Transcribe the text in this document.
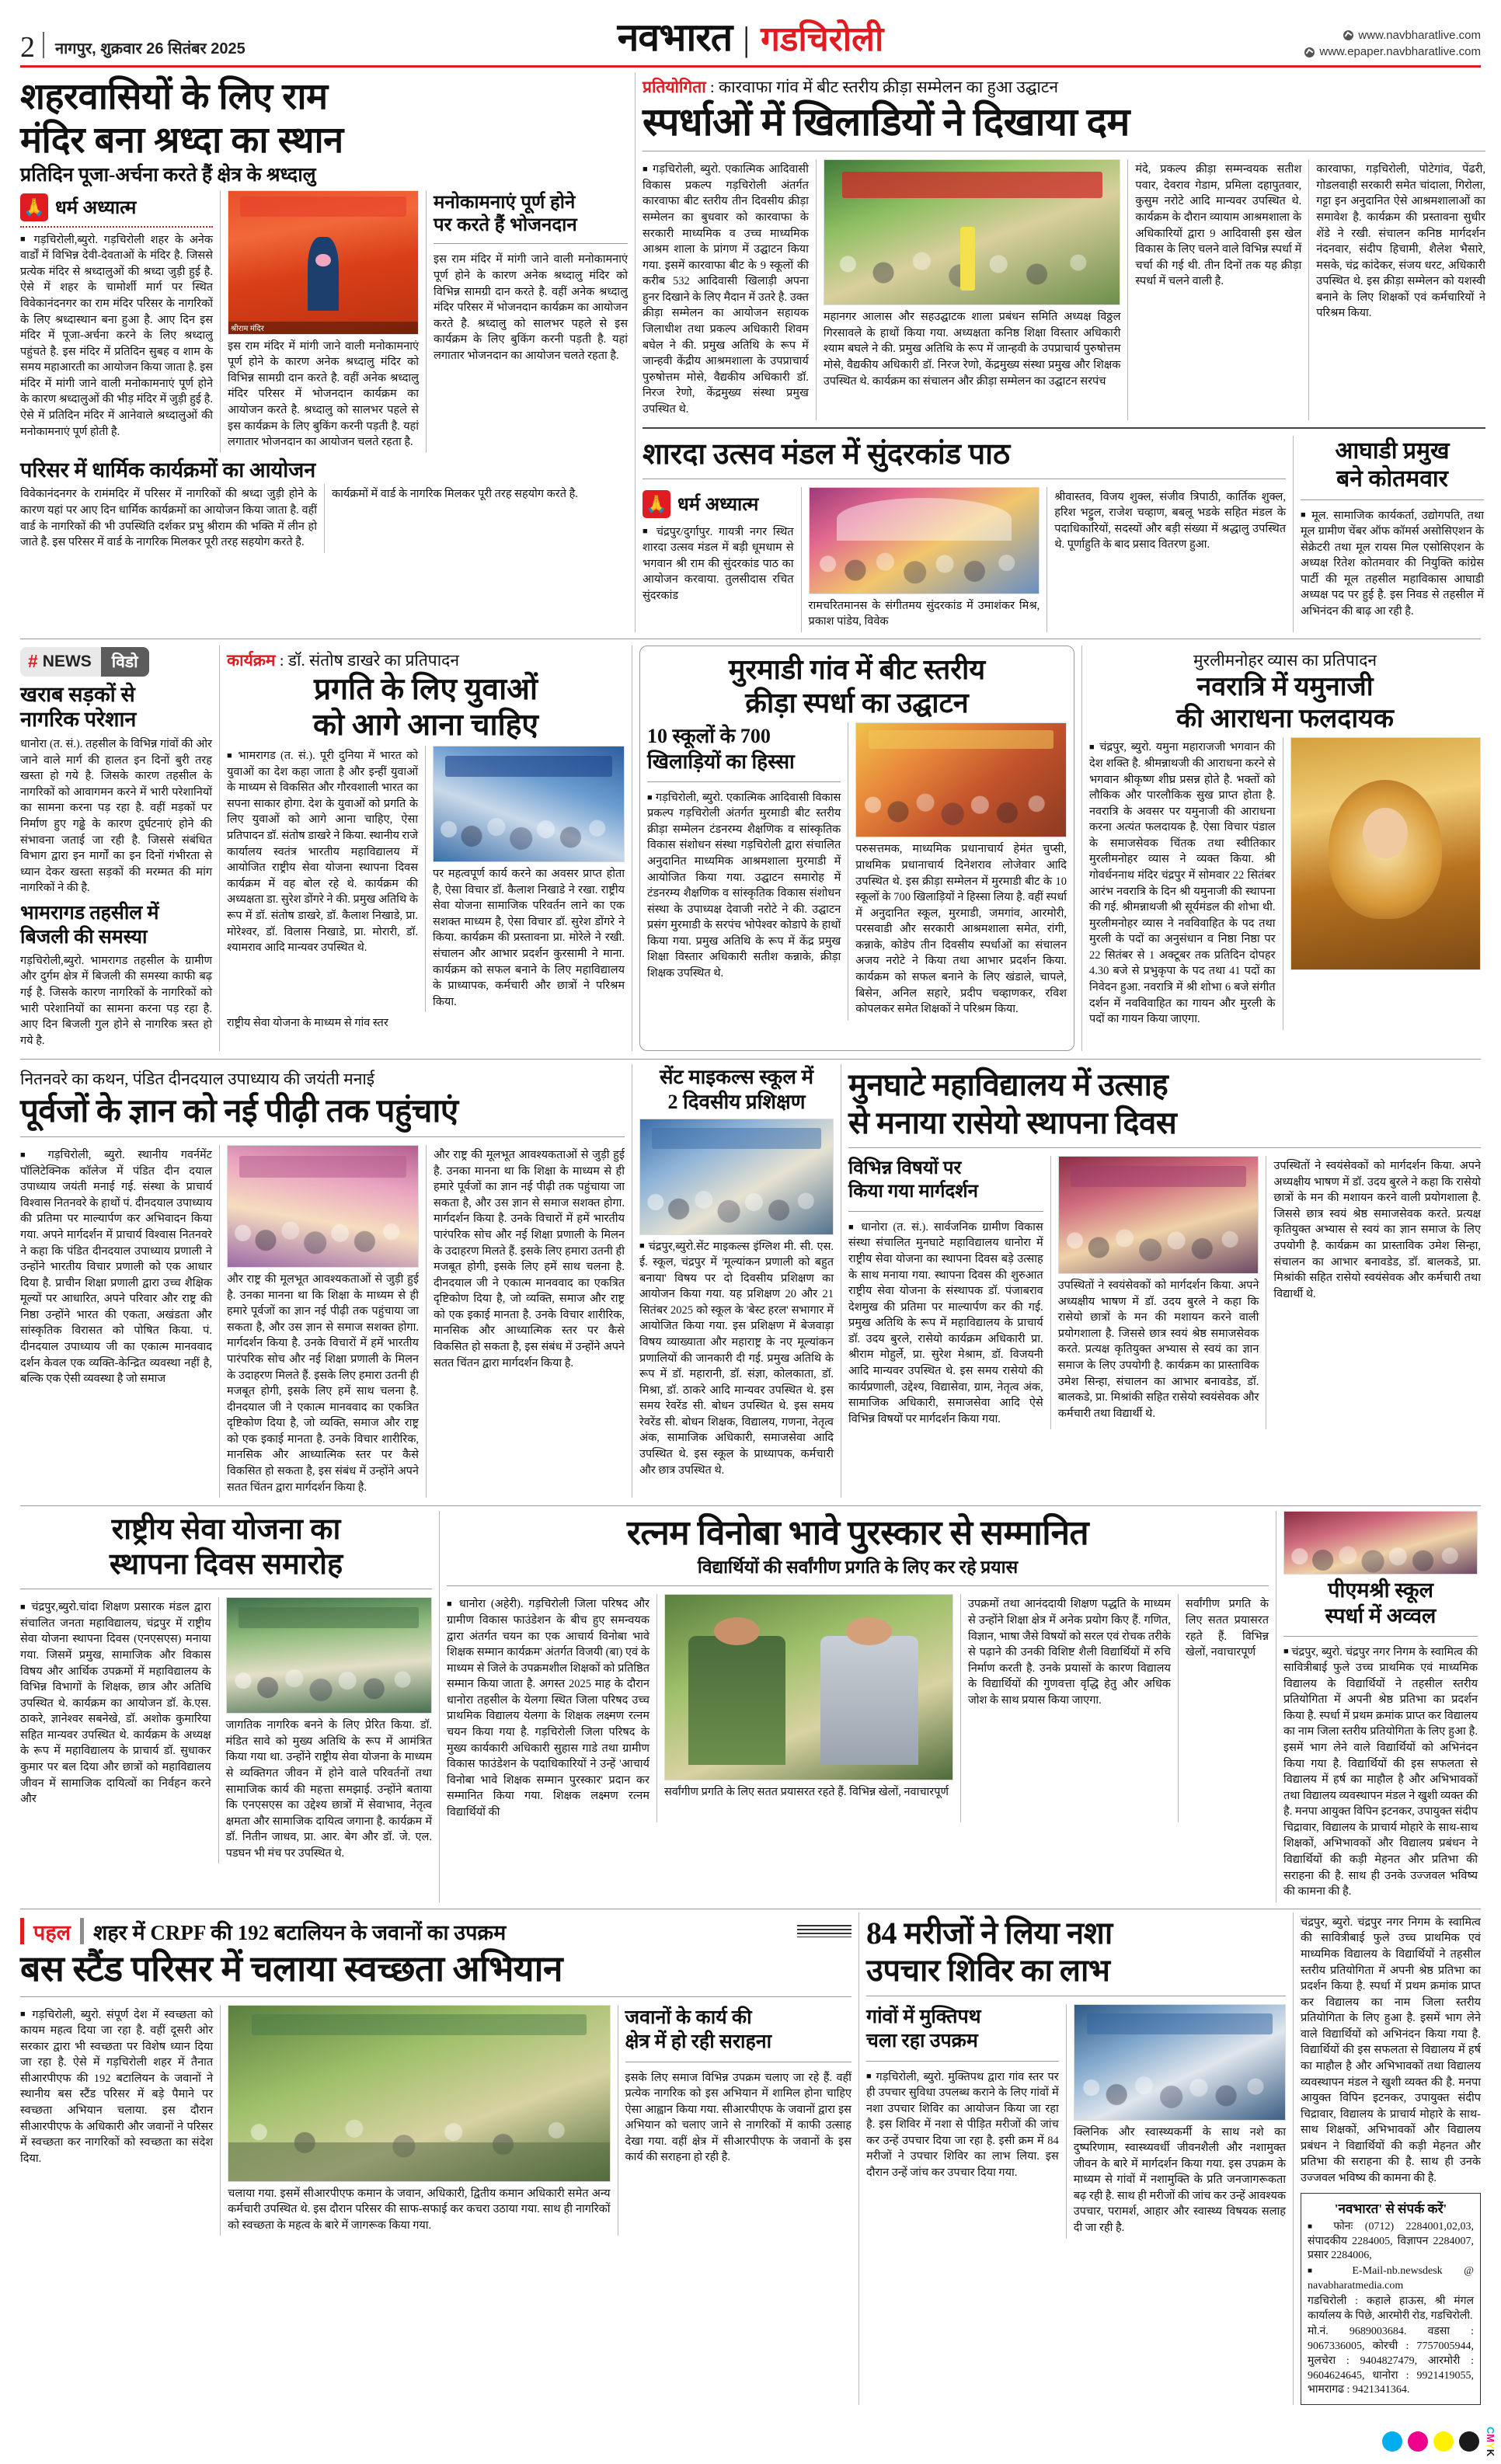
2 नागपुर, शुक्रवार 26 सितंबर 2025	नवभारत | गडचिरोली	www.navbharatlive.com
www.epaper.navbharatlive.com
शहरवासियों के लिए राम
मंदिर बना श्रध्दा का स्थान
प्रतिदिन पूजा-अर्चना करते हैं क्षेत्र के श्रध्दालु
🙏 धर्म अध्यात्म

■ गड़चिरोली,ब्युरो. गड़चिरोली शहर के अनेक वार्डों में विभिन्न देवी-देवताओं के मंदिर है. जिससे प्रत्येक मंदिर से श्रध्दालुओं की श्रध्दा जुड़ी हुई है. ऐसे में शहर के चामोर्शी मार्ग पर स्थित विवेकानंदनगर का राम मंदिर परिसर के नागरिकों के लिए श्रध्दास्थान बना हुआ है. आए दिन इस मंदिर में पूजा-अर्चना करने के लिए श्रध्दालु पहुंचते है. इस मंदिर में प्रतिदिन सुबह व शाम के समय महाआरती का आयोजन किया जाता है. इस मंदिर में मांगी जाने वाली मनोकामनाएं पूर्ण होने के कारण श्रध्दालुओं की भीड़ मंदिर में जुड़ी हुई है. ऐसे में प्रतिदिन मंदिर में आनेवाले श्रध्दालुओं की मनोकामनाएं पूर्ण होती है.

श्रीराम मंदिर

इस राम मंदिर में मांगी जाने वाली मनोकामनाएं पूर्ण होने के कारण अनेक श्रध्दालु मंदिर को विभिन्न सामग्री दान करते है. वहीं अनेक श्रध्दालु मंदिर परिसर में भोजनदान कार्यक्रम का आयोजन करते है. श्रध्दालु को सालभर पहले से इस कार्यक्रम के लिए बुकिंग करनी पड़ती है. यहां लगातार भोजनदान का आयोजन चलते रहता है.

मनोकामनाएं पूर्ण होने
पर करते हैं भोजनदान

इस राम मंदिर में मांगी जाने वाली मनोकामनाएं पूर्ण होने के कारण अनेक श्रध्दालु मंदिर को विभिन्न सामग्री दान करते है. वहीं अनेक श्रध्दालु मंदिर परिसर में भोजनदान कार्यक्रम का आयोजन करते है. श्रध्दालु को सालभर पहले से इस कार्यक्रम के लिए बुकिंग करनी पड़ती है. यहां लगातार भोजनदान का आयोजन चलते रहता है.

परिसर में धार्मिक कार्यक्रमों का आयोजन

विवेकानंदनगर के रामंमदिर में परिसर में नागरिकों की श्रध्दा जुड़ी होने के कारण यहां पर आए दिन धार्मिक कार्यक्रमों का आयोजन किया जाता है. वहीं वार्ड के नागरिकों की भी उपस्थिति दर्शकर प्रभु श्रीराम की भक्ति में लीन हो जाते है. इस परिसर में वार्ड के नागरिक मिलकर पूरी तरह सहयोग करते है.

कार्यक्रमों में वार्ड के नागरिक मिलकर पूरी तरह सहयोग करते है.

प्रतियोगिता : कारवाफा गांव में बीट स्तरीय क्रीड़ा सम्मेलन का हुआ उद्घाटन
स्पर्धाओं में खिलाडियों ने दिखाया दम

■ गड़चिरोली, ब्युरो. एकात्मिक आदिवासी विकास प्रकल्प गड़चिरोली अंतर्गत कारवाफा बीट स्तरीय तीन दिवसीय क्रीड़ा सम्मेलन का बुधवार को कारवाफा के सरकारी माध्यमिक व उच्च माध्यमिक आश्रम शाला के प्रांगण में उद्घाटन किया गया. इसमें कारवाफा बीट के 9 स्कूलों की करीब 532 आदिवासी खिलाड़ी अपना हुनर दिखाने के लिए मैदान में उतरे है. उक्त क्रीड़ा सम्मेलन का आयोजन सहायक जिलाधीश तथा प्रकल्प अधिकारी शिवम बघेल ने की. प्रमुख अतिथि के रूप में जान्हवी केंद्रीय आश्रमशाला के उपप्राचार्य पुरुषोत्तम मोसे, वैद्यकीय अधिकारी डॉ. निरज रेणो, केंद्रमुख्य संस्था प्रमुख उपस्थित थे.

महानगर आलास और सहउद्घाटक शाला प्रबंधन समिति अध्यक्ष विठ्ठल गिरसावले के हाथों किया गया. अध्यक्षता कनिष्ठ शिक्षा विस्तार अधिकारी श्याम बघले ने की. प्रमुख अतिथि के रूप में जान्हवी के उपप्राचार्य पुरुषोत्तम मोसे, वैद्यकीय अधिकारी डॉ. निरज रेणो, केंद्रमुख्य संस्था प्रमुख और शिक्षक उपस्थित थे. कार्यक्रम का संचालन और क्रीड़ा सम्मेलन का उद्घाटन सरपंच

मंदे, प्रकल्प क्रीड़ा सम्मन्वयक सतीश पवार, देवराव गेडाम, प्रमिला दहापुतवार, कुसुम नरोटे आदि मान्यवर उपस्थित थे. कार्यक्रम के दौरान व्यायाम आश्रमशाला के अधिकारियों द्वारा 9 आदिवासी इस खेल विकास के लिए चलने वाले विभिन्न स्पर्धा में चर्चा की गई थी. तीन दिनों तक यह क्रीड़ा स्पर्धा में चलने वाली है.

कारवाफा, गड़चिरोली, पोटेगांव, पेंढरी, गोडलवाही सरकारी समेत चांदाला, गिरोला, गट्टा इन अनुदानित ऐसे आश्रमशालाओं का समावेश है. कार्यक्रम की प्रस्तावना सुधीर शेंडे ने रखी. संचालन कनिष्ठ मार्गदर्शन नंदनवार, संदीप हिचामी, शैलेश भैसारे, मसके, चंद्र कांदेकर, संजय धरट, अधिकारी उपस्थित थे. इस क्रीड़ा सम्मेलन को यशस्वी बनाने के लिए शिक्षकों एवं कर्मचारियों ने परिश्रम किया.

शारदा उत्सव मंडल में सुंदरकांड पाठ
🙏 धर्म अध्यात्म

■ चंद्रपुर/दुर्गापुर. गायत्री नगर स्थित शारदा उत्सव मंडल में बड़ी धूमधाम से भगवान श्री राम की सुंदरकांड पाठ का आयोजन करवाया. तुलसीदास रचित सुंदरकांड

रामचरितमानस के संगीतमय सुंदरकांड में उमाशंकर मिश्र, प्रकाश पांडेय, विवेक

श्रीवास्तव, विजय शुक्ल, संजीव त्रिपाठी, कार्तिक शुक्ल, हरिश भट्टुल, राजेश चव्हाण, बबलू भडके सहित मंडल के पदाधिकारियों, सदस्यों और बड़ी संख्या में श्रद्धालु उपस्थित थे. पूर्णाहुति के बाद प्रसाद वितरण हुआ.

आघाडी प्रमुख
बने कोतमवार

■ मूल. सामाजिक कार्यकर्ता, उद्योगपति, तथा मूल ग्रामीण चेंबर ऑफ कॉमर्स असोसिएशन के सेक्रेटरी तथा मूल रायस मिल एसोसिएशन के अध्यक्ष रितेश कोतमवार की नियुक्ति कांग्रेस पार्टी की मूल तहसील महाविकास आघाडी अध्यक्ष पद पर हुई है. इस निवड से तहसील में अभिनंदन की बाढ़ आ रही है.

# NEWS	विडो
खराब सड़कों से
नागरिक परेशान

धानोरा (त. सं.). तहसील के विभिन्न गांवों की ओर जाने वाले मार्ग की हालत इन दिनों बुरी तरह खस्ता हो गये है. जिसके कारण तहसील के नागरिकों को आवागमन करने में भारी परेशानियों का सामना करना पड़ रहा है. वहीं मड़कों पर निर्माण हुए गढ्ढे के कारण दुर्घटनाएं होने की संभावना जताई जा रही है. जिससे संबंधित विभाग द्वारा इन मार्गों का इन दिनों गंभीरता से ध्यान देकर खस्ता सड़कों की मरम्मत की मांग नागरिकों ने की है.

भामरागड तहसील में
बिजली की समस्या

गड़चिरोली,ब्युरो. भामरागड तहसील के ग्रामीण और दुर्गम क्षेत्र में बिजली की समस्या काफी बढ़ गई है. जिसके कारण नागरिकों के नागरिकों को भारी परेशानियों का सामना करना पड़ रहा है. आए दिन बिजली गुल होने से नागरिक त्रस्त हो गये है.

कार्यक्रम : डॉ. संतोष डाखरे का प्रतिपादन
प्रगति के लिए युवाओं
को आगे आना चाहिए

■ भामरागड (त. सं.). पूरी दुनिया में भारत को युवाओं का देश कहा जाता है और इन्हीं युवाओं के माध्यम से विकसित और गौरवशाली भारत का सपना साकार होगा. देश के युवाओं को प्रगति के लिए युवाओं को आगे आना चाहिए, ऐसा प्रतिपादन डॉ. संतोष डाखरे ने किया. स्थानीय राजे कार्यालय स्वतंत्र भारतीय महाविद्यालय में आयोजित राष्ट्रीय सेवा योजना स्थापना दिवस कार्यक्रम में वह बोल रहे थे. कार्यक्रम की अध्यक्षता डा. सुरेश डोंगरे ने की. प्रमुख अतिथि के रूप में डॉ. संतोष डाखरे, डॉ. कैलाश निखाडे, प्रा. मोरेश्वर, डॉ. विलास निखाडे, प्रा. मोरारी, डॉ. श्यामराव आदि मान्यवर उपस्थित थे.

पर महत्वपूर्ण कार्य करने का अवसर प्राप्त होता है, ऐसा विचार डॉ. कैलाश निखाडे ने रखा. राष्ट्रीय सेवा योजना सामाजिक परिवर्तन लाने का एक सशक्त माध्यम है, ऐसा विचार डॉ. सुरेश डोंगरे ने किया. कार्यक्रम की प्रस्तावना प्रा. मोरेले ने रखी. संचालन और आभार प्रदर्शन कुरसामी ने माना. कार्यक्रम को सफल बनाने के लिए महाविद्यालय के प्राध्यापक, कर्मचारी और छात्रों ने परिश्रम किया.

राष्ट्रीय सेवा योजना के माध्यम से गांव स्तर

मुरमाडी गांव में बीट स्तरीय
क्रीड़ा स्पर्धा का उद्घाटन
10 स्कूलों के 700
खिलाड़ियों का हिस्सा

■ गड़चिरोली, ब्युरो. एकात्मिक आदिवासी विकास प्रकल्प गड़चिरोली अंतर्गत मुरमाडी बीट स्तरीय क्रीड़ा सम्मेलन टंडनरम्य शैक्षणिक व सांस्कृतिक विकास संशोधन संस्था गड़चिरोली द्वारा संचालित अनुदानित माध्यमिक आश्रमशाला मुरमाडी में आयोजित किया गया. उद्घाटन समारोह में टंडनरम्य शैक्षणिक व सांस्कृतिक विकास संशोधन संस्था के उपाध्यक्ष देवाजी नरोटे ने की. उद्घाटन प्रसंग मुरमाडी के सरपंच भोपेश्वर कोडापे के हाथों किया गया. प्रमुख अतिथि के रूप में केंद्र प्रमुख शिक्षा विस्तार अधिकारी सतीश कन्नाके, क्रीड़ा शिक्षक उपस्थित थे.

परुसत्तमक, माध्यमिक प्रधानाचार्य हेमंत चुप्सी, प्राथमिक प्रधानाचार्य दिनेशराव लोजेवार आदि उपस्थित थे. इस क्रीड़ा सम्मेलन में मुरमाडी बीट के 10 स्कूलों के 700 खिलाड़ियों ने हिस्सा लिया है. वहीं स्पर्धा में अनुदानित स्कूल, मुरमाडी, जमगांव, आरमोरी, परसवाडी और सरकारी आश्रमशाला समेत, रांगी, कन्नाके, कोडेप तीन दिवसीय स्पर्धाओं का संचालन अजय नरोटे ने किया तथा आभार प्रदर्शन किया. कार्यक्रम को सफल बनाने के लिए खंडाले, चापले, बिसेन, अनिल सहारे, प्रदीप चव्हाणकर, रविश कोपलकर समेत शिक्षकों ने परिश्रम किया.

मुरलीमनोहर व्यास का प्रतिपादन
नवरात्रि में यमुनाजी
की आराधना फलदायक

■ चंद्रपुर, ब्युरो. यमुना महाराजजी भगवान की देश शक्ति है. श्रीमन्नाथजी की आराधना करने से भगवान श्रीकृष्ण शीघ्र प्रसन्न होते है. भक्तों को लौकिक और पारलौकिक सुख प्राप्त होता है. नवरात्रि के अवसर पर यमुनाजी की आराधना करना अत्यंत फलदायक है. ऐसा विचार पंडाल के समाजसेवक चिंतक तथा स्वीतिकार मुरलीमनोहर व्यास ने व्यक्त किया. श्री गोवर्धननाथ मंदिर चंद्रपुर में सोमवार 22 सितंबर आरंभ नवरात्रि के दिन श्री यमुनाजी की स्थापना की गई. श्रीमन्नाथजी श्री सूर्यमंडल की शोभा थी. मुरलीमनोहर व्यास ने नवविवाहित के पद तथा मुरली के पदों का अनुसंधान व निष्ठा निष्ठा पर 22 सितंबर से 1 अक्टूबर तक प्रतिदिन दोपहर 4.30 बजे से प्रभुकृपा के पद तथा 41 पदों का निवेदन हुआ. नवरात्रि में श्री शोभा 6 बजे संगीत दर्शन में नवविवाहित का गायन और मुरली के पदों का गायन किया जाएगा.

नितनवरे का कथन, पंडित दीनदयाल उपाध्याय की जयंती मनाई
पूर्वजों के ज्ञान को नई पीढ़ी तक पहुंचाएं

■ गड़चिरोली, ब्युरो. स्थानीय गवर्नमेंट पॉलिटेक्निक कॉलेज में पंडित दीन दयाल उपाध्याय जयंती मनाई गई. संस्था के प्राचार्य विश्वास नितनवरे के हाथों पं. दीनदयाल उपाध्याय की प्रतिमा पर माल्यार्पण कर अभिवादन किया गया. अपने मार्गदर्शन में प्राचार्य विश्वास नितनवरे ने कहा कि पंडित दीनदयाल उपाध्याय प्रणाली ने उन्होंने भारतीय विचार प्रणाली को एक आधार दिया है. प्राचीन शिक्षा प्रणाली द्वारा उच्च शैक्षिक मूल्यों पर आधारित, अपने परिवार और राष्ट्र की निष्ठा उन्होंने भारत की एकता, अखंडता और सांस्कृतिक विरासत को पोषित किया. पं. दीनदयाल उपाध्याय जी का एकात्म मानववाद दर्शन केवल एक व्यक्ति-केन्द्रित व्यवस्था नहीं है, बल्कि एक ऐसी व्यवस्था है जो समाज

और राष्ट्र की मूलभूत आवश्यकताओं से जुड़ी हुई है. उनका मानना था कि शिक्षा के माध्यम से ही हमारे पूर्वजों का ज्ञान नई पीढ़ी तक पहुंचाया जा सकता है, और उस ज्ञान से समाज सशक्त होगा. मार्गदर्शन किया है. उनके विचारों में हमें भारतीय पारंपरिक सोच और नई शिक्षा प्रणाली के मिलन के उदाहरण मिलते हैं. इसके लिए हमारा उतनी ही मजबूत होगी, इसके लिए हमें साथ चलना है. दीनदयाल जी ने एकात्म मानववाद का एकत्रित दृष्टिकोण दिया है, जो व्यक्ति, समाज और राष्ट्र को एक इकाई मानता है. उनके विचार शारीरिक, मानसिक और आध्यात्मिक स्तर पर कैसे विकसित हो सकता है, इस संबंध में उन्होंने अपने सतत चिंतन द्वारा मार्गदर्शन किया है.

और राष्ट्र की मूलभूत आवश्यकताओं से जुड़ी हुई है. उनका मानना था कि शिक्षा के माध्यम से ही हमारे पूर्वजों का ज्ञान नई पीढ़ी तक पहुंचाया जा सकता है, और उस ज्ञान से समाज सशक्त होगा. मार्गदर्शन किया है. उनके विचारों में हमें भारतीय पारंपरिक सोच और नई शिक्षा प्रणाली के मिलन के उदाहरण मिलते हैं. इसके लिए हमारा उतनी ही मजबूत होगी, इसके लिए हमें साथ चलना है. दीनदयाल जी ने एकात्म मानववाद का एकत्रित दृष्टिकोण दिया है, जो व्यक्ति, समाज और राष्ट्र को एक इकाई मानता है. उनके विचार शारीरिक, मानसिक और आध्यात्मिक स्तर पर कैसे विकसित हो सकता है, इस संबंध में उन्होंने अपने सतत चिंतन द्वारा मार्गदर्शन किया है.

सेंट माइकल्स स्कूल में
2 दिवसीय प्रशिक्षण

■ चंद्रपुर,ब्युरो.सेंट माइकल्स इंग्लिश मी. सी. एस. ई. स्कूल, चंद्रपुर में 'मूल्यांकन प्रणाली को बहुत बनाया' विषय पर दो दिवसीय प्रशिक्षण का आयोजन किया गया. यह प्रशिक्षण 20 और 21 सितंबर 2025 को स्कूल के 'बेस्ट हरल' सभागार में आयोजित किया गया. इस प्रशिक्षण में बेजवाड़ा विषय व्याख्याता और महाराष्ट्र के नए मूल्यांकन प्रणालियों की जानकारी दी गई. प्रमुख अतिथि के रूप में डॉ. महारानी, डॉ. संज्ञा, कोलकाता, डॉ. मिश्रा, डॉ. ठाकरे आदि मान्यवर उपस्थित थे. इस समय रेवरेंड सी. बोधन उपस्थित थे. इस समय रेवरेंड सी. बोधन शिक्षक, विद्यालय, गणना, नेतृत्व अंक, सामाजिक अधिकारी, समाजसेवा आदि उपस्थित थे. इस स्कूल के प्राध्यापक, कर्मचारी और छात्र उपस्थित थे.

मुनघाटे महाविद्यालय में उत्साह
से मनाया रासेयो स्थापना दिवस
विभिन्न विषयों पर
किया गया मार्गदर्शन

■ धानोरा (त. सं.). सार्वजनिक ग्रामीण विकास संस्था संचालित मुनघाटे महाविद्यालय धानोरा में राष्ट्रीय सेवा योजना का स्थापना दिवस बड़े उत्साह के साथ मनाया गया. स्थापना दिवस की शुरुआत राष्ट्रीय सेवा योजना के संस्थापक डॉ. पंजाबराव देशमुख की प्रतिमा पर माल्यार्पण कर की गई. प्रमुख अतिथि के रूप में महाविद्यालय के प्राचार्य डॉ. उदय बुरले, रासेयो कार्यक्रम अधिकारी प्रा. श्रीराम मोहुर्ले, प्रा. सुरेश मेश्राम, डॉ. विजयनी आदि मान्यवर उपस्थित थे. इस समय रासेयो की कार्यप्रणाली, उद्देश्य, विद्यासेवा, ग्राम, नेतृत्व अंक, सामाजिक अधिकारी, समाजसेवा आदि ऐसे विभिन्न विषयों पर मार्गदर्शन किया गया.

उपस्थितों ने स्वयंसेवकों को मार्गदर्शन किया. अपने अध्यक्षीय भाषण में डॉ. उदय बुरले ने कहा कि रासेयो छात्रों के मन की मशायन करने वाली प्रयोगशाला है. जिससे छात्र स्वयं श्रेष्ठ समाजसेवक करते. प्रत्यक्ष कृतियुक्त अभ्यास से स्वयं का ज्ञान समाज के लिए उपयोगी है. कार्यक्रम का प्रास्ताविक उमेश सिन्हा, संचालन का आभार बनावडेड, डॉ. बालकडे, प्रा. मिश्रांकी सहित रासेयो स्वयंसेवक और कर्मचारी तथा विद्यार्थी थे.

उपस्थितों ने स्वयंसेवकों को मार्गदर्शन किया. अपने अध्यक्षीय भाषण में डॉ. उदय बुरले ने कहा कि रासेयो छात्रों के मन की मशायन करने वाली प्रयोगशाला है. जिससे छात्र स्वयं श्रेष्ठ समाजसेवक करते. प्रत्यक्ष कृतियुक्त अभ्यास से स्वयं का ज्ञान समाज के लिए उपयोगी है. कार्यक्रम का प्रास्ताविक उमेश सिन्हा, संचालन का आभार बनावडेड, डॉ. बालकडे, प्रा. मिश्रांकी सहित रासेयो स्वयंसेवक और कर्मचारी तथा विद्यार्थी थे.

राष्ट्रीय सेवा योजना का
स्थापना दिवस समारोह

■ चंद्रपुर,ब्युरो.चांदा शिक्षण प्रसारक मंडल द्वारा संचालित जनता महाविद्यालय, चंद्रपुर में राष्ट्रीय सेवा योजना स्थापना दिवस (एनएसएस) मनाया गया. जिसमें प्रमुख, सामाजिक और विकास विषय और आर्थिक उपक्रमों में महाविद्यालय के विभिन्न विभागों के शिक्षक, छात्र और अतिथि उपस्थित थे. कार्यक्रम का आयोजन डॉ. के.एस. ठाकरे, ज्ञानेश्वर सबनेखे, डॉ. अशोक कुमारिया सहित मान्यवर उपस्थित थे. कार्यक्रम के अध्यक्ष के रूप में महाविद्यालय के प्राचार्य डॉ. सुधाकर कुमार पर बल दिया और छात्रों को महाविद्यालय जीवन में सामाजिक दायित्वों का निर्वहन करने और

जागतिक नागरिक बनने के लिए प्रेरित किया. डॉ. मंडित सावे को मुख्य अतिथि के रूप में आमंत्रित किया गया था. उन्होंने राष्ट्रीय सेवा योजना के माध्यम से व्यक्तिगत जीवन में होने वाले परिवर्तनों तथा सामाजिक कार्य की महत्ता समझाई. उन्होंने बताया कि एनएसएस का उद्देश्य छात्रों में सेवाभाव, नेतृत्व क्षमता और सामाजिक दायित्व जगाना है. कार्यक्रम में डॉ. नितीन जाधव, प्रा. आर. बेग और डॉ. जे. एल. पडघन भी मंच पर उपस्थित थे.

रत्नम विनोबा भावे पुरस्कार से सम्मानित
विद्यार्थियों की सर्वांगीण प्रगति के लिए कर रहे प्रयास

■ धानोरा (अहेरी). गड़चिरोली जिला परिषद और ग्रामीण विकास फाउंडेशन के बीच हुए समन्वयक द्वारा अंतर्गत चयन का एक आचार्य विनोबा भावे शिक्षक सम्मान कार्यक्रम' अंतर्गत विजयी (बा) एवं के माध्यम से जिले के उपक्रमशील शिक्षकों को प्रतिष्ठित सम्मान किया जाता है. अगस्त 2025 माह के दौरान धानोरा तहसील के येलगा स्थित जिला परिषद उच्च प्राथमिक विद्यालय येलगा के शिक्षक लक्ष्मण रत्नम चयन किया गया है. गड़चिरोली जिला परिषद के मुख्य कार्यकारी अधिकारी सुहास गाडे तथा ग्रामीण विकास फाउंडेशन के पदाधिकारियों ने उन्हें 'आचार्य विनोबा भावे शिक्षक सम्मान पुरस्कार' प्रदान कर सम्मानित किया गया. शिक्षक लक्ष्मण रत्नम विद्यार्थियों की

सर्वांगीण प्रगति के लिए सतत प्रयासरत रहते हैं. विभिन्न खेलों, नवाचारपूर्ण

उपक्रमों तथा आनंददायी शिक्षण पद्धति के माध्यम से उन्होंने शिक्षा क्षेत्र में अनेक प्रयोग किए हैं. गणित, विज्ञान, भाषा जैसे विषयों को सरल एवं रोचक तरीके से पढ़ाने की उनकी विशिष्ट शैली विद्यार्थियों में रुचि निर्माण करती है. उनके प्रयासों के कारण विद्यालय के विद्यार्थियों की गुणवत्ता वृद्धि हेतु और अधिक जोश के साथ प्रयास किया जाएगा.

सर्वांगीण प्रगति के लिए सतत प्रयासरत रहते हैं. विभिन्न खेलों, नवाचारपूर्ण

पीएमश्री स्कूल
स्पर्धा में अव्वल

■ चंद्रपुर, ब्युरो. चंद्रपुर नगर निगम के स्वामित्व की सावित्रीबाई फुले उच्च प्राथमिक एवं माध्यमिक विद्यालय के विद्यार्थियों ने तहसील स्तरीय प्रतियोगिता में अपनी श्रेष्ठ प्रतिभा का प्रदर्शन किया है. स्पर्धा में प्रथम क्रमांक प्राप्त कर विद्यालय का नाम जिला स्तरीय प्रतियोगिता के लिए हुआ है. इसमें भाग लेने वाले विद्यार्थियों को अभिनंदन किया गया है. विद्यार्थियों की इस सफलता से विद्यालय में हर्ष का माहौल है और अभिभावकों तथा विद्यालय व्यवस्थापन मंडल ने खुशी व्यक्त की है. मनपा आयुक्त विपिन इटनकर, उपायुक्त संदीप चिद्रावार, विद्यालय के प्राचार्य मोहारे के साथ-साथ शिक्षकों, अभिभावकों और विद्यालय प्रबंधन ने विद्यार्थियों की कड़ी मेहनत और प्रतिभा की सराहना की है. साथ ही उनके उज्जवल भविष्य की कामना की है.

पहल शहर में CRPF की 192 बटालियन के जवानों का उपक्रम
बस स्टैंड परिसर में चलाया स्वच्छता अभियान

■ गड़चिरोली, ब्युरो. संपूर्ण देश में स्वच्छता को कायम महत्व दिया जा रहा है. वहीं दूसरी ओर सरकार द्वारा भी स्वच्छता पर विशेष ध्यान दिया जा रहा है. ऐसे में गड़चिरोली शहर में तैनात सीआरपीएफ की 192 बटालियन के जवानों ने स्थानीय बस स्टैंड परिसर में बड़े पैमाने पर स्वच्छता अभियान चलाया. इस दौरान सीआरपीएफ के अधिकारी और जवानों ने परिसर में स्वच्छता कर नागरिकों को स्वच्छता का संदेश दिया.

चलाया गया. इसमें सीआरपीएफ कमान के जवान, अधिकारी, द्वितीय कमान अधिकारी समेत अन्य कर्मचारी उपस्थित थे. इस दौरान परिसर की साफ-सफाई कर कचरा उठाया गया. साथ ही नागरिकों को स्वच्छता के महत्व के बारे में जागरूक किया गया.

जवानों के कार्य की
क्षेत्र में हो रही सराहना

इसके लिए समाज विभिन्न उपक्रम चलाए जा रहे हैं. वहीं प्रत्येक नागरिक को इस अभियान में शामिल होना चाहिए ऐसा आह्वान किया गया. सीआरपीएफ के जवानों द्वारा इस अभियान को चलाए जाने से नागरिकों में काफी उत्साह देखा गया. वहीं क्षेत्र में सीआरपीएफ के जवानों के इस कार्य की सराहना हो रही है.

84 मरीजों ने लिया नशा
उपचार शिविर का लाभ
गांवों में मुक्तिपथ
चला रहा उपक्रम

■ गड़चिरोली, ब्युरो. मुक्तिपथ द्वारा गांव स्तर पर ही उपचार सुविधा उपलब्ध कराने के लिए गांवों में नशा उपचार शिविर का आयोजन किया जा रहा है. इस शिविर में नशा से पीड़ित मरीजों की जांच कर उन्हें उपचार दिया जा रहा है. इसी क्रम में 84 मरीजों ने उपचार शिविर का लाभ लिया. इस दौरान उन्हें जांच कर उपचार दिया गया.

क्लिनिक और स्वास्थ्यकर्मी के साथ नशे का दुष्परिणाम, स्वास्थ्यवर्धी जीवनशैली और नशामुक्त जीवन के बारे में मार्गदर्शन किया गया. इस उपक्रम के माध्यम से गांवों में नशामुक्ति के प्रति जनजागरूकता बढ़ रही है. साथ ही मरीजों की जांच कर उन्हें आवश्यक उपचार, परामर्श, आहार और स्वास्थ्य विषयक सलाह दी जा रही है.

चंद्रपुर, ब्युरो. चंद्रपुर नगर निगम के स्वामित्व की सावित्रीबाई फुले उच्च प्राथमिक एवं माध्यमिक विद्यालय के विद्यार्थियों ने तहसील स्तरीय प्रतियोगिता में अपनी श्रेष्ठ प्रतिभा का प्रदर्शन किया है. स्पर्धा में प्रथम क्रमांक प्राप्त कर विद्यालय का नाम जिला स्तरीय प्रतियोगिता के लिए हुआ है. इसमें भाग लेने वाले विद्यार्थियों को अभिनंदन किया गया है. विद्यार्थियों की इस सफलता से विद्यालय में हर्ष का माहौल है और अभिभावकों तथा विद्यालय व्यवस्थापन मंडल ने खुशी व्यक्त की है. मनपा आयुक्त विपिन इटनकर, उपायुक्त संदीप चिद्रावार, विद्यालय के प्राचार्य मोहारे के साथ-साथ शिक्षकों, अभिभावकों और विद्यालय प्रबंधन ने विद्यार्थियों की कड़ी मेहनत और प्रतिभा की सराहना की है. साथ ही उनके उज्जवल भविष्य की कामना की है.

'नवभारत' से संपर्क करें'

■ फोनः (0712) 2284001,02,03, संपादकीय 2284005, विज्ञापन 2284007, प्रसार 2284006,

■ E-Mail-nb.newsdesk @ navabharatmedia.com

गडचिरोली : कहाले हाऊस, श्री मंगल कार्यालय के पिछे, आरमोरी रोड, गडचिरोली.

मो.नं. 9689003684. वडसा : 9067336005, कोरची : 7757005944, मुलचेरा : 9404827479, आरमोरी : 9604624645, धानोरा : 9921419055, भामरागढ : 9421341364.

CMYK
